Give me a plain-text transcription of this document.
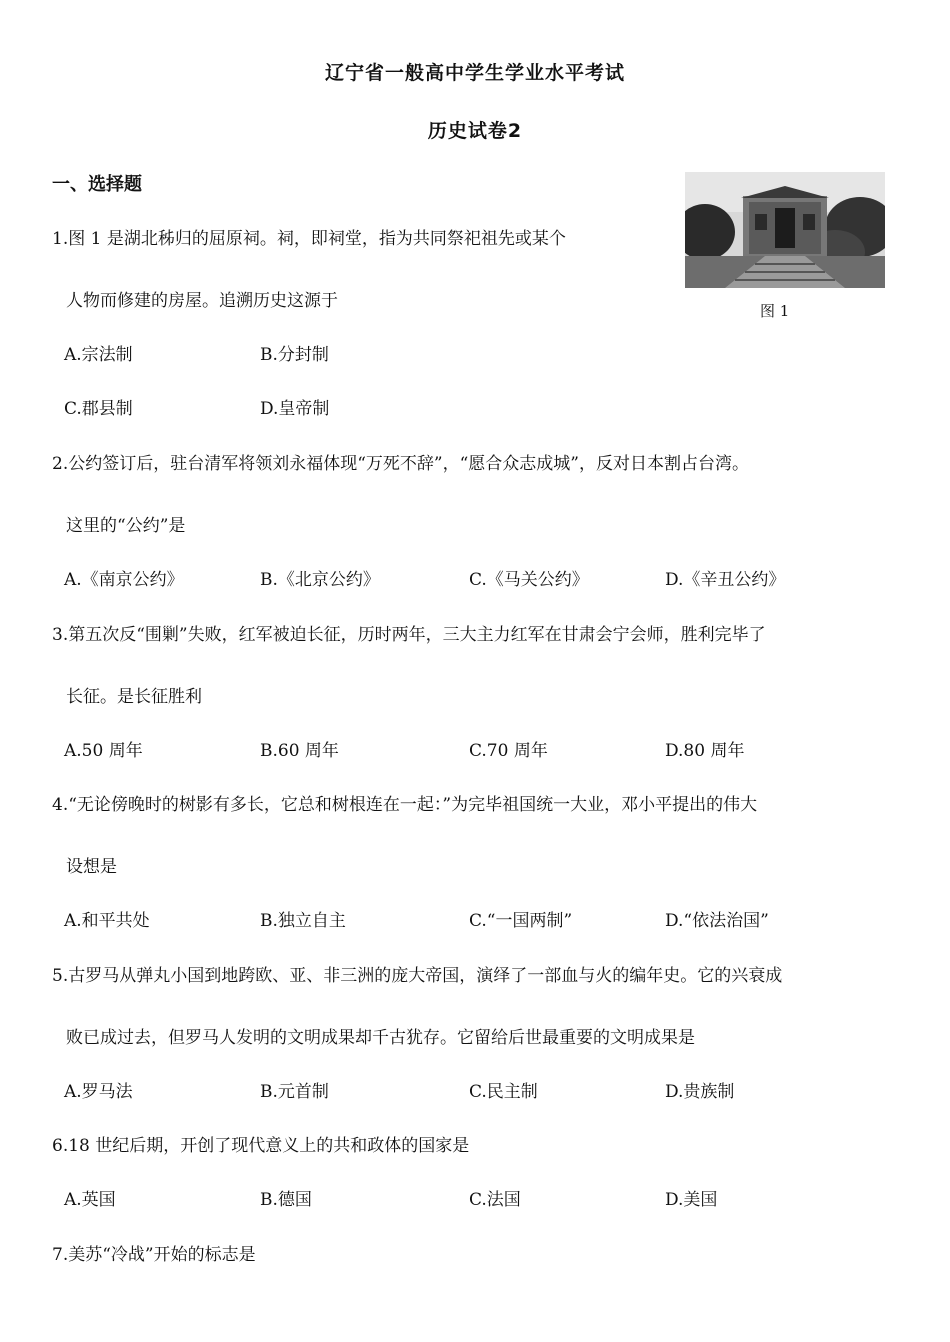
辽宁省一般高中学生学业水平考试
历史试卷2
一、选择题
图 1
1.图 1 是湖北秭归的屈原祠。祠，即祠堂，指为共同祭祀祖先或某个
人物而修建的房屋。追溯历史这源于
A.宗法制	B.分封制
C.郡县制	D.皇帝制
2.公约签订后，驻台清军将领刘永福体现“万死不辞”，“愿合众志成城”，反对日本割占台湾。
这里的“公约”是
A.《南京公约》	B.《北京公约》	C.《马关公约》	D.《辛丑公约》
3.第五次反“围剿”失败，红军被迫长征，历时两年，三大主力红军在甘肃会宁会师，胜利完毕了
长征。是长征胜利
A.50 周年	B.60 周年	C.70 周年	D.80 周年
4.“无论傍晚时的树影有多长，它总和树根连在一起：”为完毕祖国统一大业，邓小平提出的伟大
设想是
A.和平共处	B.独立自主	C.“一国两制”	D.“依法治国”
5.古罗马从弹丸小国到地跨欧、亚、非三洲的庞大帝国，演绎了一部血与火的编年史。它的兴衰成
败已成过去，但罗马人发明的文明成果却千古犹存。它留给后世最重要的文明成果是
A.罗马法	B.元首制	C.民主制	D.贵族制
6.18 世纪后期，开创了现代意义上的共和政体的国家是
A.英国	B.德国	C.法国	D.美国
7.美苏“冷战”开始的标志是
